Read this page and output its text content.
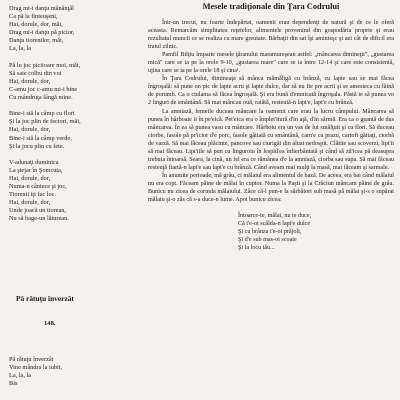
Drag mi-i danţu mănânţâl
Ca pă la finteuşeni,
Hai, dorule, dor, măi,
Drag mi-i danţu pă picior,
Danţu tiorenilor, măi,
La, la, la
Pă lu joc piciioare moi, măi,
Să saie colbu din voi
Hai, dorule, dor,
C-amu joc c-amu mi-i bine
Cu mândruţa lângă mine.
Bine-i stă la câmp cu flori
Şi la joc plin de feciori, măi,
Hai, dorule, dor,
Bine-i stă la câmp verde,
Şi la jocu plin cu fete.
V-adunaţi duminica
La ştejar în Şomcuta,
Hai, dorule, dor,
Numa-n cântece şi joc,
Tiorenii iţi fac loc.
Hai, dorule, dor,
Unde joacă un tiorean,
Nu să bage-un lăturean.
Pă rătuţu înverzât
148.
Pă rătuţu înverzât
Vine mândra la iubit,
La, la, la
Bis
Mesele tradiţionale din Ţara Codrului

Într-un trecut, nu foarte îndepărtat, oamenii erau dependenţi de natură şi de ce le oferă aceasta. Remarcăm simplitatea reţetelor, alimentele provenind din gospodăria proprie şi erau rezultatul muncii ce se realiza cu mare greutate. Bărbaţii din sat îşi aminteşc şi azi cât de dificil era traiul zilnic.

Pamfil Bilţiu împarte mesele ţăranului maramureşean astfel: „mâncarea dimineţii", „gustarea mică" care se ia pe la orele 9-10, „gustarea mare" care se ia între 12-14 şi care este consistentă, ujina care se ia pe la orele 18 şi cina¹.

În Ţara Codrului, dimineaţa să mânca mămăligă cu brânză, cu lapte sau se mai făcea îngroşală: să pune on pic de lapte acru şi lapte dulce, dar să nu fie pre acrii şi se amesteca cu făină de porumb. Ca o ciulama să făcea îngroşală. Şi era bună d'emnicată îngroşala. Păstă ie să punea vo 2 linguri de smântână. Să mai mâncau ouă, ratătă, resteută-n lapt'e, lapt'e cu brânză.

La amniază, femeile duceau mâncare la oamenii care erau la lucru câmpului. Mâncarea să punea în hârboaie ii în pe'eică. Pet'eica era o împlet'itură d'in aţă, d'in sărmă. Era ca o geantă de dus mâncarea. În ea să punea vasu cu mâncare. Hârboiu era un vas de lut smălţuit şi cu flori. Să duceau ciorbe, fasole pă pr'icior d'e porc, fasole găitată cu smântână, carn'e cu prazu, cartofi găitaţi, ciorbă de varză. Să mai făceau plăcinte, pancove sau ciurigăi din aluat nedospit. Clătite sau scoverzi, lipt'ii să mai făceau. Lipt'iile să pun cu linguroiu în lespid'ea înfierbântată şi când să zd'icea pă deasupra trebuia întoarsă. Seara, la cină, un fel era ce rămânea d'e la amniază, ciorba sau supa. Să mai făceau resteuţă fiartă-n lapt'e sau lapt'e cu brânză. Când aveam mai mulţi la masă, mai făceam şi sarmale.

În anumite perioade, mă grâu, ci mălaiul era alimentul de bază. De aceea, era bai când mălaiul nu era copt. Făceam păine de mălai în cuptor. Numa la Paşti şi la Crăciun mâncam păine de grâu. Bunicu nu zicea de corinda mălaiului. Zâce că-l pun-e la sărbători sub masă pă mălai şi-s o supărat mălaiu şi-o zăs că s-a duce-n lume. Apoi bunicu zicea:

Întoarce-te, mălai, nu te duce,
Că t'e-oi scălda-n lapt'e dulce
Şi cu brânza t'e-oi prăjoli,
Şi d'e sub mas-oi scoate
Şi la locu tău...
